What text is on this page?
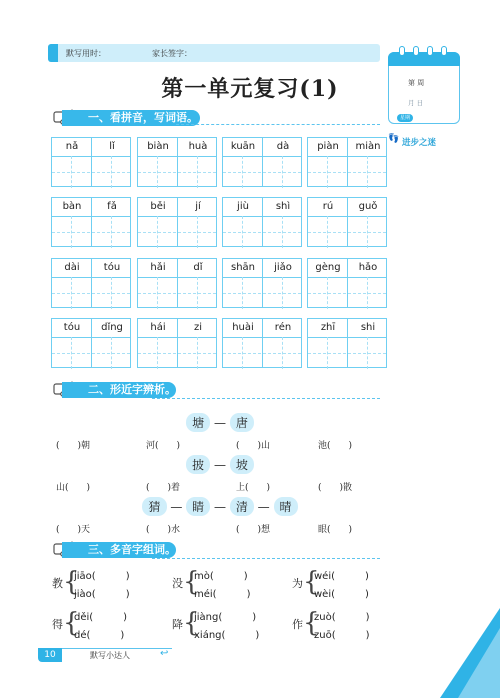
默写用时：	家长签字：
第一单元复习(1)	第 周
月 日
星期
👣 进步之迷
一、看拼音，写词语。
nǎ	lǐ	biàn	huà	kuān	dà	piàn	miàn
bàn	fǎ	běi	jí	jiù	shì	rú	guǒ
dài	tóu	hǎi	dǐ	shān	jiǎo	gèng	hǎo
tóu	dǐng	hái	zi	huài	rén	zhī	shi
二、形近字辨析。
塘 — 唐
(　　)朝	河(　　)	(　　)山	池(　　)
披 — 坡
山(　　)	(　　)着	上(　　)	(　　)散
猜 — 睛 — 清 — 晴
(　　)天	(　　)水	(　　)想	眼(　　)
三、多音字组词。
教 {
jiāo(　　　)
jiào(　　　)
没 {
mò(　　　)
méi(　　　)
为 {
wéi(　　　)
wèi(　　　)
得 {
děi(　　　)
dé(　　　)
降 {
jiàng(　　　)
xiáng(　　　)
作 {
zuò(　　　)
zuō(　　　)
10	默写小达人	↩
